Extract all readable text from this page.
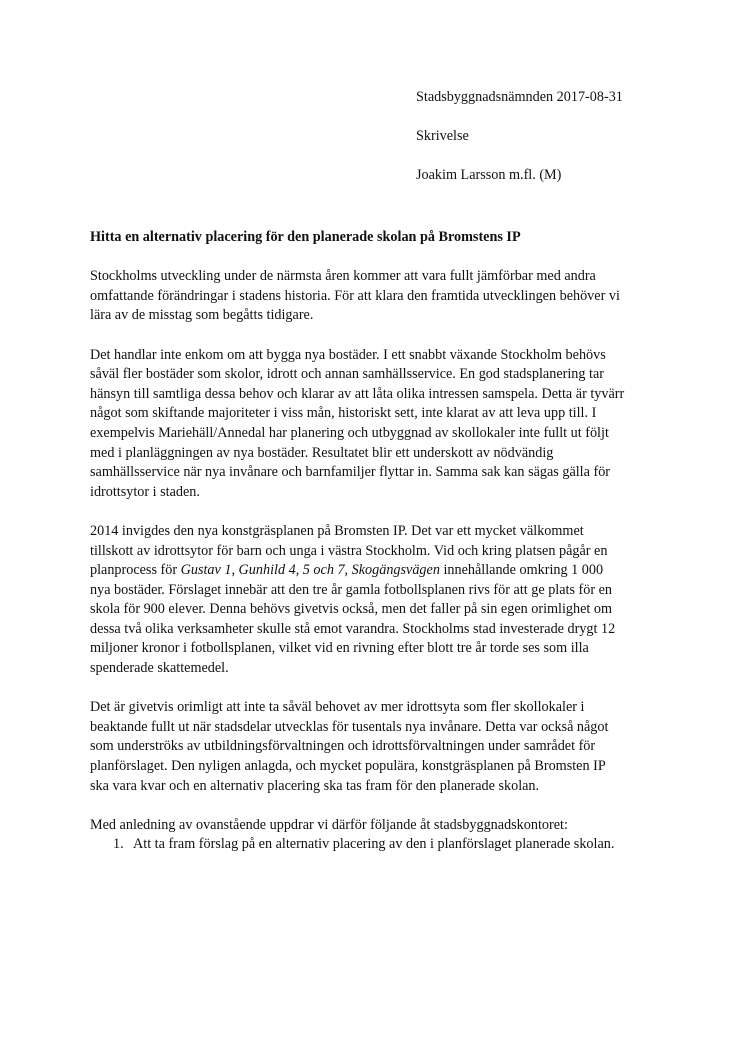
Stadsbyggnadsnämnden 2017-08-31
Skrivelse
Joakim Larsson m.fl. (M)
Hitta en alternativ placering för den planerade skolan på Bromstens IP
Stockholms utveckling under de närmsta åren kommer att vara fullt jämförbar med andra
omfattande förändringar i stadens historia. För att klara den framtida utvecklingen behöver vi
lära av de misstag som begåtts tidigare.
Det handlar inte enkom om att bygga nya bostäder. I ett snabbt växande Stockholm behövs
såväl fler bostäder som skolor, idrott och annan samhällsservice. En god stadsplanering tar
hänsyn till samtliga dessa behov och klarar av att låta olika intressen samspela. Detta är tyvärr
något som skiftande majoriteter i viss mån, historiskt sett, inte klarat av att leva upp till. I
exempelvis Mariehäll/Annedal har planering och utbyggnad av skollokaler inte fullt ut följt
med i planläggningen av nya bostäder. Resultatet blir ett underskott av nödvändig
samhällsservice när nya invånare och barnfamiljer flyttar in. Samma sak kan sägas gälla för
idrottsytor i staden.
2014 invigdes den nya konstgräsplanen på Bromsten IP. Det var ett mycket välkommet
tillskott av idrottsytor för barn och unga i västra Stockholm. Vid och kring platsen pågår en
planprocess för Gustav 1, Gunhild 4, 5 och 7, Skogängsvägen innehållande omkring 1 000
nya bostäder. Förslaget innebär att den tre år gamla fotbollsplanen rivs för att ge plats för en
skola för 900 elever. Denna behövs givetvis också, men det faller på sin egen orimlighet om
dessa två olika verksamheter skulle stå emot varandra. Stockholms stad investerade drygt 12
miljoner kronor i fotbollsplanen, vilket vid en rivning efter blott tre år torde ses som illa
spenderade skattemedel.
Det är givetvis orimligt att inte ta såväl behovet av mer idrottsyta som fler skollokaler i
beaktande fullt ut när stadsdelar utvecklas för tusentals nya invånare. Detta var också något
som underströks av utbildningsförvaltningen och idrottsförvaltningen under samrådet för
planförslaget. Den nyligen anlagda, och mycket populära, konstgräsplanen på Bromsten IP
ska vara kvar och en alternativ placering ska tas fram för den planerade skolan.
Med anledning av ovanstående uppdrar vi därför följande åt stadsbyggnadskontoret:
1. Att ta fram förslag på en alternativ placering av den i planförslaget planerade skolan.
